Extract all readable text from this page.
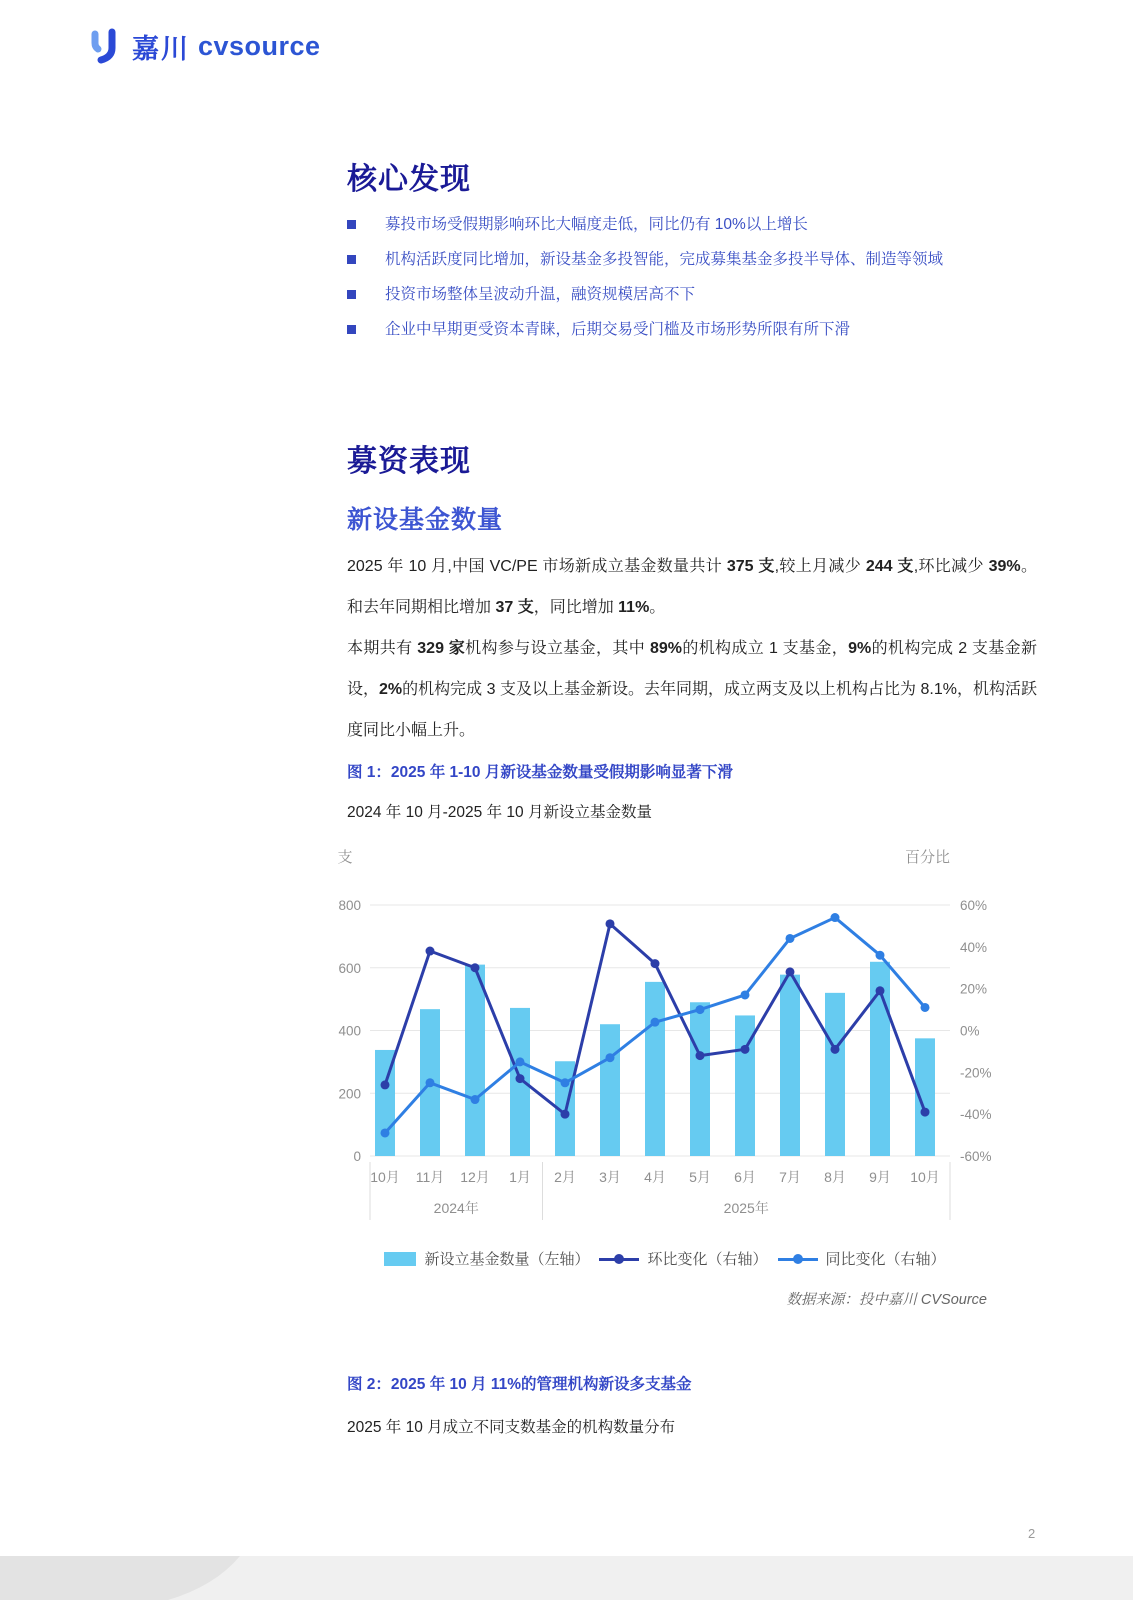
嘉川 cvsource
核心发现
募投市场受假期影响环比大幅度走低，同比仍有 10%以上增长
机构活跃度同比增加，新设基金多投智能，完成募集基金多投半导体、制造等领域
投资市场整体呈波动升温，融资规模居高不下
企业中早期更受资本青睐，后期交易受门槛及市场形势所限有所下滑
募资表现
新设基金数量

2025 年 10 月,中国 VC/PE 市场新成立基金数量共计 375 支,较上月减少 244 支,环比减少 39%。和去年同期相比增加 37 支，同比增加 11%。

本期共有 329 家机构参与设立基金，其中 89%的机构成立 1 支基金，9%的机构完成 2 支基金新设，2%的机构完成 3 支及以上基金新设。去年同期，成立两支及以上机构占比为 8.1%，机构活跃度同比小幅上升。

图 1：2025 年 1-10 月新设基金数量受假期影响显著下滑
2024 年 10 月-2025 年 10 月新设立基金数量
支	百分比
0
200
400
600
800	60%
40%
20%
0%
-20%
-40%
-60%
10月 11月 12月 1月 2月 3月 4月 5月 6月 7月 8月 9月 10月
2024年	2025年
新设立基金数量（左轴）	环比变化（右轴）	同比变化（右轴）
数据来源：投中嘉川 CVSource
图 2：2025 年 10 月 11%的管理机构新设多支基金
2025 年 10 月成立不同支数基金的机构数量分布
2
